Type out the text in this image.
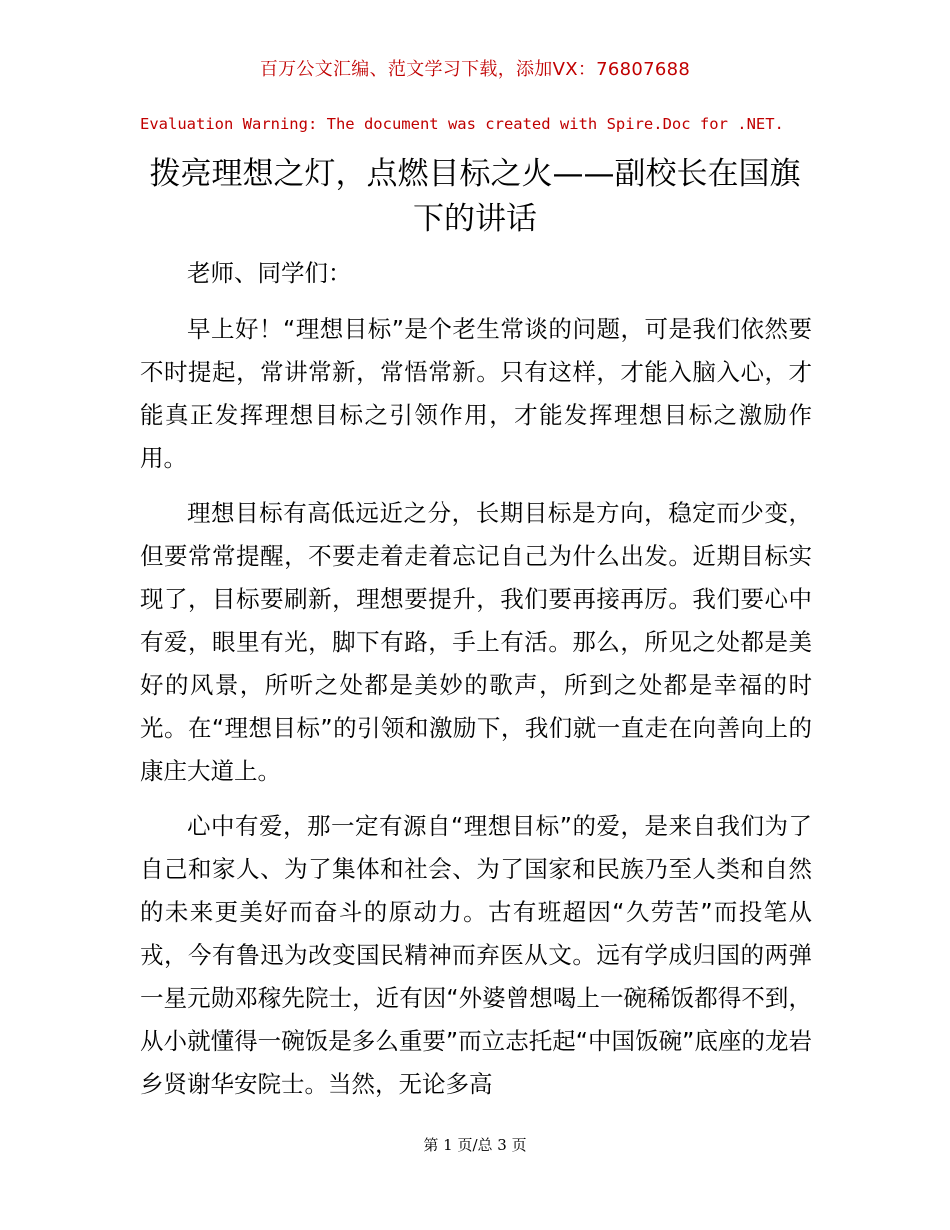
百万公文汇编、范文学习下载，添加VX：76807688
Evaluation Warning: The document was created with Spire.Doc for .NET.
拨亮理想之灯，点燃目标之火——副校长在国旗下的讲话

老师、同学们：

早上好！“理想目标”是个老生常谈的问题，可是我们依然要不时提起，常讲常新，常悟常新。只有这样，才能入脑入心，才能真正发挥理想目标之引领作用，才能发挥理想目标之激励作用。

理想目标有高低远近之分，长期目标是方向，稳定而少变，但要常常提醒，不要走着走着忘记自己为什么出发。近期目标实现了，目标要刷新，理想要提升，我们要再接再厉。我们要心中有爱，眼里有光，脚下有路，手上有活。那么，所见之处都是美好的风景，所听之处都是美妙的歌声，所到之处都是幸福的时光。在“理想目标”的引领和激励下，我们就一直走在向善向上的康庄大道上。

心中有爱，那一定有源自“理想目标”的爱，是来自我们为了自己和家人、为了集体和社会、为了国家和民族乃至人类和自然的未来更美好而奋斗的原动力。古有班超因“久劳苦”而投笔从戎，今有鲁迅为改变国民精神而弃医从文。远有学成归国的两弹一星元勋邓稼先院士，近有因“外婆曾想喝上一碗稀饭都得不到，从小就懂得一碗饭是多么重要”而立志托起“中国饭碗”底座的龙岩乡贤谢华安院士。当然，无论多高

第 1 页/总 3 页
